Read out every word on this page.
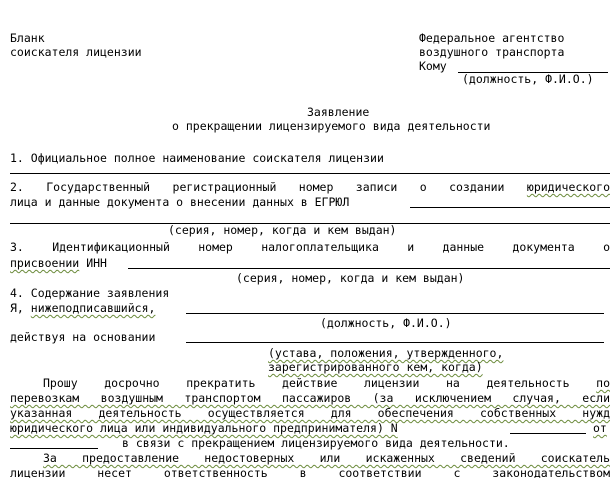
Бланк
соискателя лицензии
Федеральное агентство
воздушного транспорта
Кому
(должность, Ф.И.О.)
Заявление
о прекращении лицензируемого вида деятельности
1. Официальное полное наименование соискателя лицензии
2. Государственный регистрационный номер записи о создании юридического
лица и данные документа о внесении данных в ЕГРЮЛ
(серия, номер, когда и кем выдан)
3. Идентификационный номер налогоплательщика и данные документа о
присвоении ИНН
(серия, номер, когда и кем выдан)
4. Содержание заявления
Я, нижеподписавшийся,
(должность, Ф.И.О.)
действуя на основании
(устава, положения, утвержденного,
зарегистрированного кем, когда)
Прошу досрочно прекратить действие лицензии на деятельность по
перевозкам воздушным транспортом пассажиров (за исключением случая, если
указанная деятельность осуществляется для обеспечения собственных нужд
юридического лица или индивидуального предпринимателя) N	от
в связи с прекращением лицензируемого вида деятельности.
За предоставление недостоверных или искаженных сведений соискатель
лицензии несет ответственность в соответствии с законодательством
